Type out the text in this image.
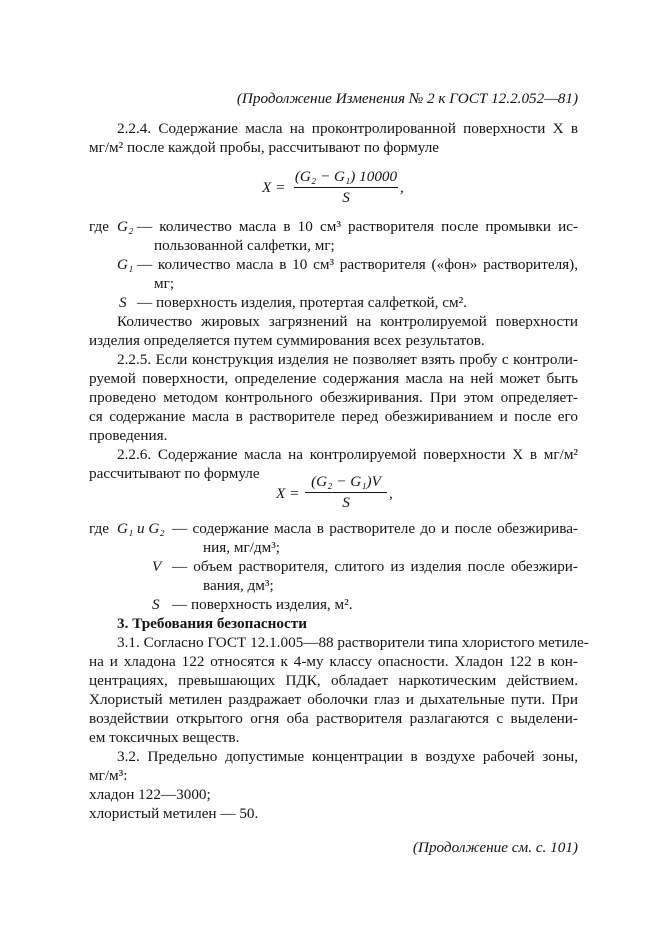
(Продолжение Изменения № 2 к ГОСТ 12.2.052—81)
2.2.4. Содержание масла на проконтролированной поверхности X в
мг/м² после каждой пробы, рассчитывают по формуле
X =
(G₂ − G₁) 10000
S
,
где G₂ — количество масла в 10 см³ растворителя после промывки ис-
пользованной салфетки, мг;
G₁ — количество масла в 10 см³ растворителя («фон» растворителя),
мг;
S — поверхность изделия, протертая салфеткой, см².
Количество жировых загрязнений на контролируемой поверхности
изделия определяется путем суммирования всех результатов.
2.2.5. Если конструкция изделия не позволяет взять пробу с контроли-
руемой поверхности, определение содержания масла на ней может быть
проведено методом контрольного обезжиривания. При этом определяет-
ся содержание масла в растворителе перед обезжириванием и после его
проведения.
2.2.6. Содержание масла на контролируемой поверхности X в мг/м²
рассчитывают по формуле
X =
(G₂ − G₁)V
S
,
где G₁ и G₂ — содержание масла в растворителе до и после обезжирива-
ния, мг/дм³;
V — объем растворителя, слитого из изделия после обезжири-
вания, дм³;
S — поверхность изделия, м².
3. Требования безопасности
3.1. Согласно ГОСТ 12.1.005—88 растворители типа хлористого метиле-
на и хладона 122 относятся к 4-му классу опасности. Хладон 122 в кон-
центрациях, превышающих ПДК, обладает наркотическим действием.
Хлористый метилен раздражает оболочки глаз и дыхательные пути. При
воздействии открытого огня оба растворителя разлагаются с выделени-
ем токсичных веществ.
3.2. Предельно допустимые концентрации в воздухе рабочей зоны,
мг/м³:
хладон 122—3000;
хлористый метилен — 50.
(Продолжение см. с. 101)
